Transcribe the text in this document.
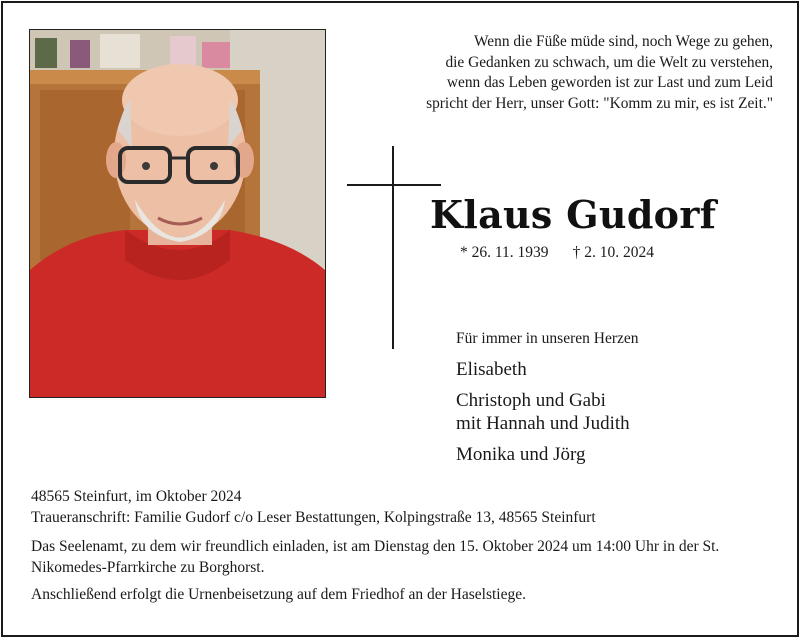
Wenn die Füße müde sind, noch Wege zu gehen,
die Gedanken zu schwach, um die Welt zu verstehen,
wenn das Leben geworden ist zur Last und zum Leid
spricht der Herr, unser Gott: "Komm zu mir, es ist Zeit."
Klaus Gudorf
* 26. 11. 1939 † 2. 10. 2024
Für immer in unseren Herzen
Elisabeth
Christoph und Gabi
mit Hannah und Judith
Monika und Jörg

48565 Steinfurt, im Oktober 2024

Traueranschrift: Familie Gudorf c/o Leser Bestattungen, Kolpingstraße 13, 48565 Steinfurt

Das Seelenamt, zu dem wir freundlich einladen, ist am Dienstag den 15. Oktober 2024 um 14:00 Uhr in der St. Nikomedes-Pfarrkirche zu Borghorst.

Anschließend erfolgt die Urnenbeisetzung auf dem Friedhof an der Haselstiege.
